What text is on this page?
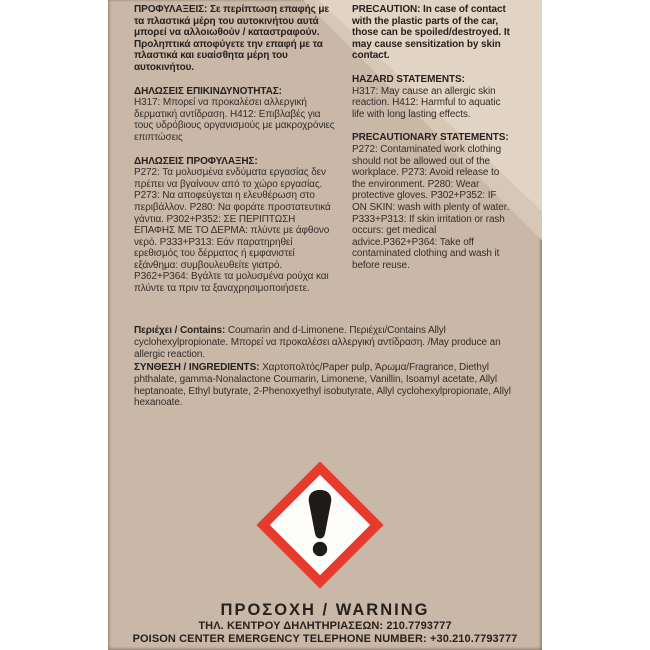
ΠΡΟΦΥΛΑΞΕΙΣ: Σε περίπτωση επαφής με τα πλαστικά μέρη του αυτοκινήτου αυτά μπορεί να αλλοιωθούν / καταστραφούν. Προληπτικά αποφύγετε την επαφή με τα πλαστικά και ευαίσθητα μέρη του αυτοκινήτου.

ΔΗΛΩΣΕΙΣ ΕΠΙΚΙΝΔΥΝΟΤΗΤΑΣ:

H317: Μπορεί να προκαλέσει αλλεργική δερματική αντίδραση. H412: Επιβλαβές για τους υδρόβιους οργανισμούς με μακροχρόνιες επιπτώσεις

ΔΗΛΩΣΕΙΣ ΠΡΟΦΥΛΑΞΗΣ:

P272: Τα μολυσμένα ενδύματα εργασίας δεν πρέπει να βγαίνουν από το χώρο εργασίας. P273: Να αποφεύγεται η ελευθέρωση στο περιβάλλον. P280: Να φοράτε προστατευτικά γάντια. P302+P352: ΣΕ ΠΕΡΙΠΤΩΣΗ ΕΠΑΦΗΣ ΜΕ ΤΟ ΔΕΡΜΑ: πλύντε με άφθονο νερό. P333+P313: Εάν παρατηρηθεί ερεθισμός του δέρματος ή εμφανιστεί εξάνθημα: συμβουλευθείτε γιατρό. P362+P364: Βγάλτε τα μολυσμένα ρούχα και πλύντε τα πριν τα ξαναχρησιμοποιήσετε.

PRECAUTION: In case of contact with the plastic parts of the car, those can be spoiled/destroyed. It may cause sensitization by skin contact.

HAZARD STATEMENTS:

H317: May cause an allergic skin reaction. H412: Harmful to aquatic life with long lasting effects.

PRECAUTIONARY STATEMENTS:

P272: Contaminated work clothing should not be allowed out of the workplace. P273: Avoid release to the environment. P280: Wear protective gloves. P302+P352: IF ON SKIN: wash with plenty of water. P333+P313: If skin irritation or rash occurs: get medical advice.P362+P364: Take off contaminated clothing and wash it before reuse.

Περιέχει / Contains: Coumarin and d-Limonene. Περιέχει/Contains Allyl cyclohexylpropionate. Μπορεί να προκαλέσει αλλεργική αντίδραση. /May produce an allergic reaction.

ΣΥΝΘΕΣΗ / INGREDIENTS: Χαρτοπολτός/Paper pulp, Άρωμα/Fragrance, Diethyl phthalate, gamma-Nonalactone Coumarin, Limonene, Vanillin, Isoamyl acetate, Allyl heptanoate, Ethyl butyrate, 2-Phenoxyethyl isobutyrate, Allyl cyclohexylpropionate, Allyl hexanoate.

ΠΡΟΣΟΧΗ / WARNING

ΤΗΛ. ΚΕΝΤΡΟΥ ΔΗΛΗΤΗΡΙΑΣΕΩΝ: 210.7793777

POISON CENTER EMERGENCY TELEPHONE NUMBER: +30.210.7793777
